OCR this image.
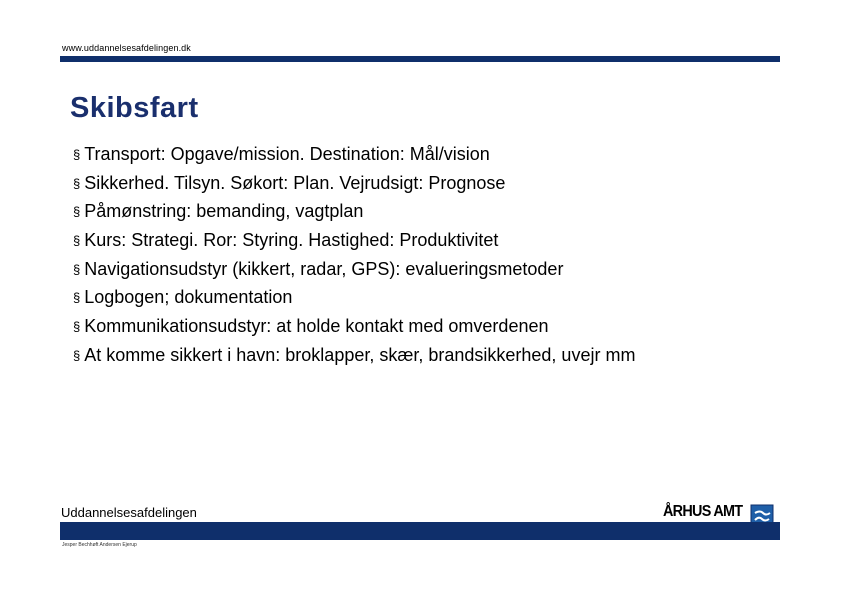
www.uddannelsesafdelingen.dk
Skibsfart
§ Transport: Opgave/mission. Destination: Mål/vision
§ Sikkerhed. Tilsyn. Søkort: Plan. Vejrudsigt: Prognose
§ Påmønstring: bemanding, vagtplan
§ Kurs: Strategi. Ror: Styring. Hastighed: Produktivitet
§ Navigationsudstyr (kikkert, radar, GPS): evalueringsmetoder
§ Logbogen; dokumentation
§ Kommunikationsudstyr: at holde kontakt med omverdenen
§ At komme sikkert i havn: broklapper, skær, brandsikkerhed, uvejr mm
Uddannelsesafdelingen	ÅRHUS AMT
Jesper Bechhøft Andersen Ejerup
